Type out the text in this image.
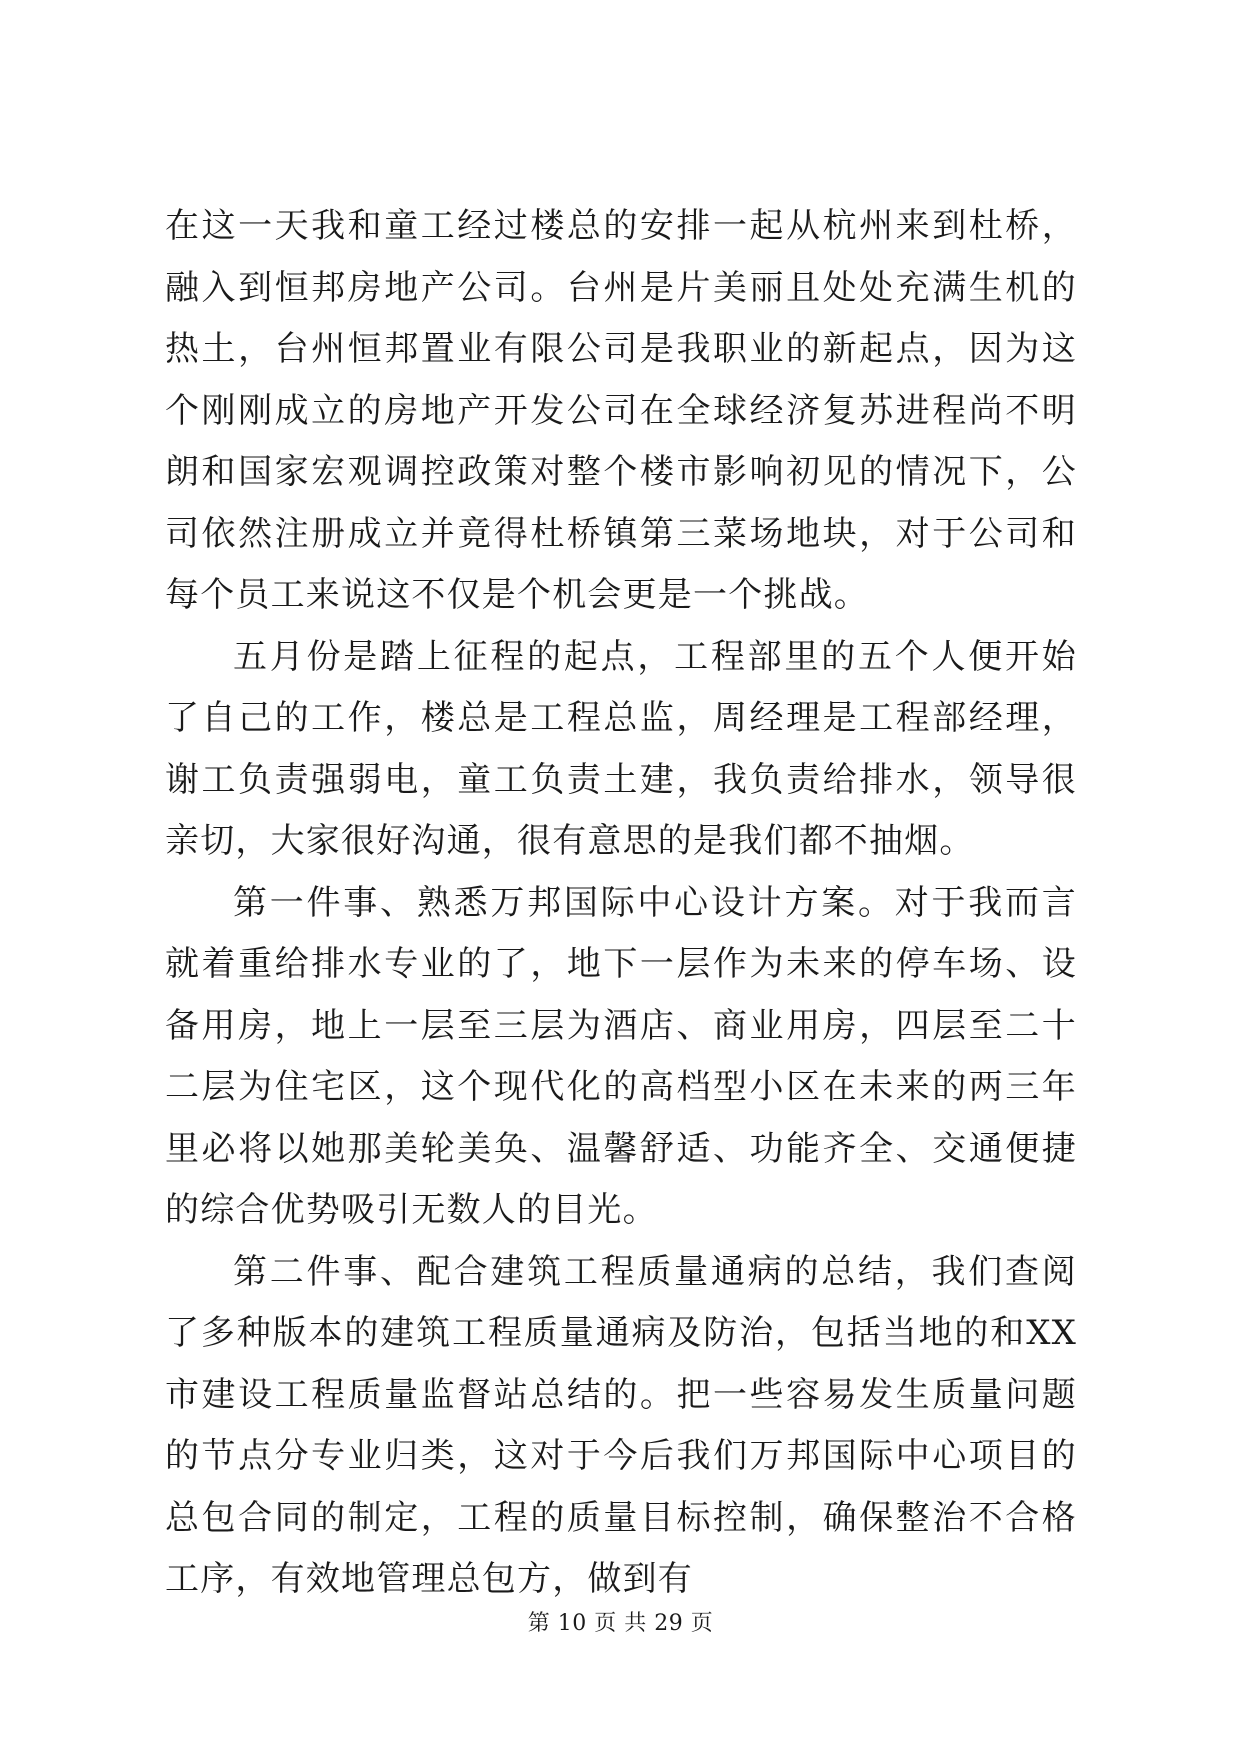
在这一天我和童工经过楼总的安排一起从杭州来到杜桥，融入到恒邦房地产公司。台州是片美丽且处处充满生机的热土，台州恒邦置业有限公司是我职业的新起点，因为这个刚刚成立的房地产开发公司在全球经济复苏进程尚不明朗和国家宏观调控政策对整个楼市影响初见的情况下，公司依然注册成立并竟得杜桥镇第三菜场地块，对于公司和每个员工来说这不仅是个机会更是一个挑战。

五月份是踏上征程的起点，工程部里的五个人便开始了自己的工作，楼总是工程总监，周经理是工程部经理，谢工负责强弱电，童工负责土建，我负责给排水，领导很亲切，大家很好沟通，很有意思的是我们都不抽烟。

第一件事、熟悉万邦国际中心设计方案。对于我而言就着重给排水专业的了，地下一层作为未来的停车场、设备用房，地上一层至三层为酒店、商业用房，四层至二十二层为住宅区，这个现代化的高档型小区在未来的两三年里必将以她那美轮美奂、温馨舒适、功能齐全、交通便捷的综合优势吸引无数人的目光。

第二件事、配合建筑工程质量通病的总结，我们查阅了多种版本的建筑工程质量通病及防治，包括当地的和XX市建设工程质量监督站总结的。把一些容易发生质量问题的节点分专业归类，这对于今后我们万邦国际中心项目的总包合同的制定，工程的质量目标控制，确保整治不合格工序，有效地管理总包方，做到有

第 10 页 共 29 页
